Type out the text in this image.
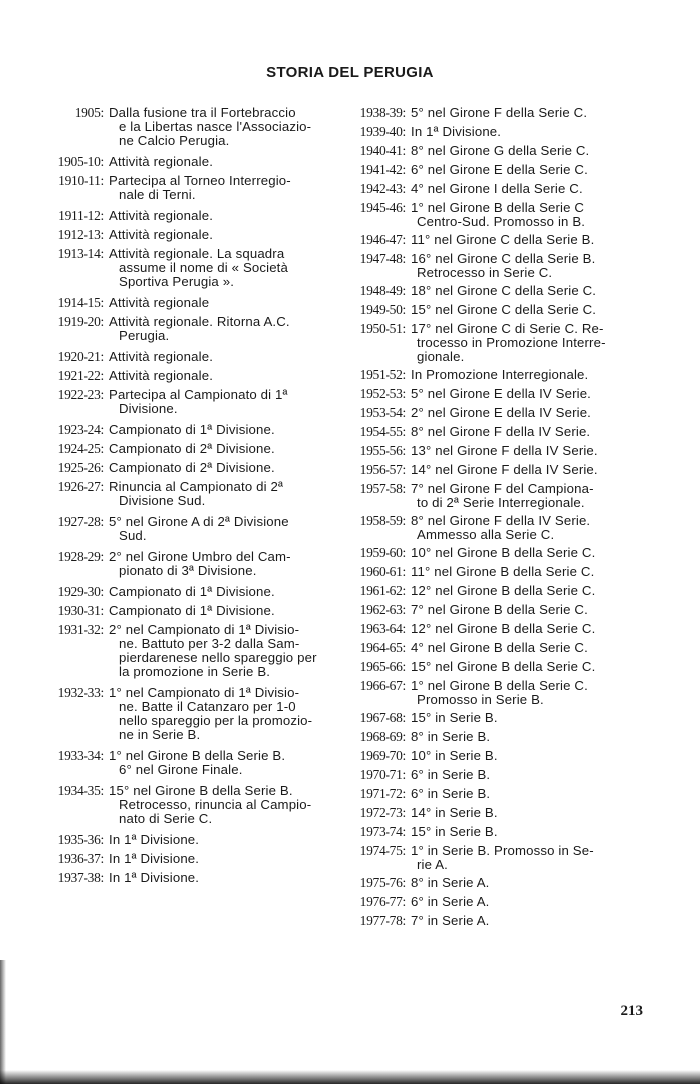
STORIA DEL PERUGIA
1905: Dalla fusione tra il Fortebraccio
e la Libertas nasce l'Associazio-
ne Calcio Perugia.
1905-10: Attività regionale.
1910-11: Partecipa al Torneo Interregio-
nale di Terni.
1911-12: Attività regionale.
1912-13: Attività regionale.
1913-14: Attività regionale. La squadra
assume il nome di « Società
Sportiva Perugia ».
1914-15: Attività regionale
1919-20: Attività regionale. Ritorna A.C.
Perugia.
1920-21: Attività regionale.
1921-22: Attività regionale.
1922-23: Partecipa al Campionato di 1ª
Divisione.
1923-24: Campionato di 1ª Divisione.
1924-25: Campionato di 2ª Divisione.
1925-26: Campionato di 2ª Divisione.
1926-27: Rinuncia al Campionato di 2ª
Divisione Sud.
1927-28: 5° nel Girone A di 2ª Divisione
Sud.
1928-29: 2° nel Girone Umbro del Cam-
pionato di 3ª Divisione.
1929-30: Campionato di 1ª Divisione.
1930-31: Campionato di 1ª Divisione.
1931-32: 2° nel Campionato di 1ª Divisio-
ne. Battuto per 3-2 dalla Sam-
pierdarenese nello spareggio per
la promozione in Serie B.
1932-33: 1° nel Campionato di 1ª Divisio-
ne. Batte il Catanzaro per 1-0
nello spareggio per la promozio-
ne in Serie B.
1933-34: 1° nel Girone B della Serie B.
6° nel Girone Finale.
1934-35: 15° nel Girone B della Serie B.
Retrocesso, rinuncia al Campio-
nato di Serie C.
1935-36: In 1ª Divisione.
1936-37: In 1ª Divisione.
1937-38: In 1ª Divisione.
1938-39: 5° nel Girone F della Serie C.
1939-40: In 1ª Divisione.
1940-41: 8° nel Girone G della Serie C.
1941-42: 6° nel Girone E della Serie C.
1942-43: 4° nel Girone I della Serie C.
1945-46: 1° nel Girone B della Serie C
Centro-Sud. Promosso in B.
1946-47: 11° nel Girone C della Serie B.
1947-48: 16° nel Girone C della Serie B.
Retrocesso in Serie C.
1948-49: 18° nel Girone C della Serie C.
1949-50: 15° nel Girone C della Serie C.
1950-51: 17° nel Girone C di Serie C. Re-
trocesso in Promozione Interre-
gionale.
1951-52: In Promozione Interregionale.
1952-53: 5° nel Girone E della IV Serie.
1953-54: 2° nel Girone E della IV Serie.
1954-55: 8° nel Girone F della IV Serie.
1955-56: 13° nel Girone F della IV Serie.
1956-57: 14° nel Girone F della IV Serie.
1957-58: 7° nel Girone F del Campiona-
to di 2ª Serie Interregionale.
1958-59: 8° nel Girone F della IV Serie.
Ammesso alla Serie C.
1959-60: 10° nel Girone B della Serie C.
1960-61: 11° nel Girone B della Serie C.
1961-62: 12° nel Girone B della Serie C.
1962-63: 7° nel Girone B della Serie C.
1963-64: 12° nel Girone B della Serie C.
1964-65: 4° nel Girone B della Serie C.
1965-66: 15° nel Girone B della Serie C.
1966-67: 1° nel Girone B della Serie C.
Promosso in Serie B.
1967-68: 15° in Serie B.
1968-69: 8° in Serie B.
1969-70: 10° in Serie B.
1970-71: 6° in Serie B.
1971-72: 6° in Serie B.
1972-73: 14° in Serie B.
1973-74: 15° in Serie B.
1974-75: 1° in Serie B. Promosso in Se-
rie A.
1975-76: 8° in Serie A.
1976-77: 6° in Serie A.
1977-78: 7° in Serie A.
213
